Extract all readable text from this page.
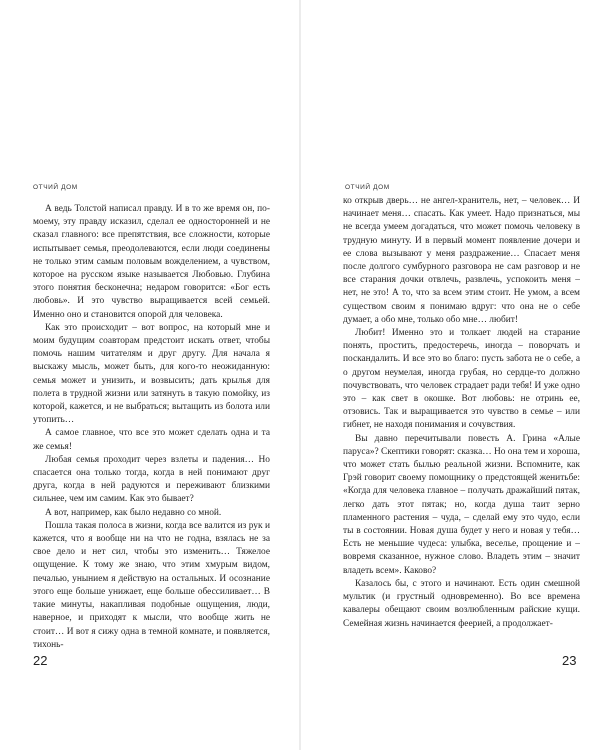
ОТЧИЙ ДОМ

А ведь Толстой написал правду. И в то же время он, по-моему, эту правду исказил, сделал ее односторонней и не сказал главного: все препятствия, все сложности, которые испытывает семья, преодолеваются, если люди соединены не только этим самым половым вожделением, а чувством, которое на русском языке называется Любовью. Глубина этого понятия бесконечна; недаром говорится: «Бог есть любовь». И это чувство выращивается всей семьей. Именно оно и становится опорой для человека.

Как это происходит – вот вопрос, на который мне и моим будущим соавторам предстоит искать ответ, чтобы помочь нашим читателям и друг другу. Для начала я выскажу мысль, может быть, для кого-то неожиданную: семья может и унизить, и возвысить; дать крылья для полета в трудной жизни или затянуть в такую помойку, из которой, кажется, и не выбраться; вытащить из болота или утопить…

А самое главное, что все это может сделать одна и та же семья!

Любая семья проходит через взлеты и падения… Но спасается она только тогда, когда в ней понимают друг друга, когда в ней радуются и переживают близкими сильнее, чем им самим. Как это бывает?

А вот, например, как было недавно со мной.

Пошла такая полоса в жизни, когда все валится из рук и кажется, что я вообще ни на что не годна, взялась не за свое дело и нет сил, чтобы это изменить… Тяжелое ощущение. К тому же знаю, что этим хмурым видом, печалью, унынием я действую на остальных. И осознание этого еще больше унижает, еще больше обессиливает… В такие минуты, накапливая подобные ощущения, люди, наверное, и приходят к мысли, что вообще жить не стоит… И вот я сижу одна в темной комнате, и появляется, тихонь-

22
ОТЧИЙ ДОМ

ко открыв дверь… не ангел-хранитель, нет, – человек… И начинает меня… спасать. Как умеет. Надо признаться, мы не всегда умеем догадаться, что может помочь человеку в трудную минуту. И в первый момент появление дочери и ее слова вызывают у меня раздражение… Спасает меня после долгого сумбурного разговора не сам разговор и не все старания дочки отвлечь, развлечь, успокоить меня – нет, не это! А то, что за всем этим стоит. Не умом, а всем существом своим я понимаю вдруг: что она не о себе думает, а обо мне, только обо мне… любит!

Любит! Именно это и толкает людей на старание понять, простить, предостеречь, иногда – поворчать и поскандалить. И все это во благо: пусть забота не о себе, а о другом неумелая, иногда грубая, но сердце-то должно почувствовать, что человек страдает ради тебя! И уже одно это – как свет в окошке. Вот любовь: не отринь ее, отзовись. Так и выращивается это чувство в семье – или гибнет, не находя понимания и сочувствия.

Вы давно перечитывали повесть А. Грина «Алые паруса»? Скептики говорят: сказка… Но она тем и хороша, что может стать былью реальной жизни. Вспомните, как Грэй говорит своему помощнику о предстоящей женитьбе: «Когда для человека главное – получать дражайший пятак, легко дать этот пятак; но, когда душа таит зерно пламенного растения – чуда, – сделай ему это чудо, если ты в состоянии. Новая душа будет у него и новая у тебя… Есть не меньшие чудеса: улыбка, веселье, прощение и – вовремя сказанное, нужное слово. Владеть этим – значит владеть всем». Каково?

Казалось бы, с этого и начинают. Есть один смешной мультик (и грустный одновременно). Во все времена кавалеры обещают своим возлюбленным райские кущи. Семейная жизнь начинается феерией, а продолжает-

23
